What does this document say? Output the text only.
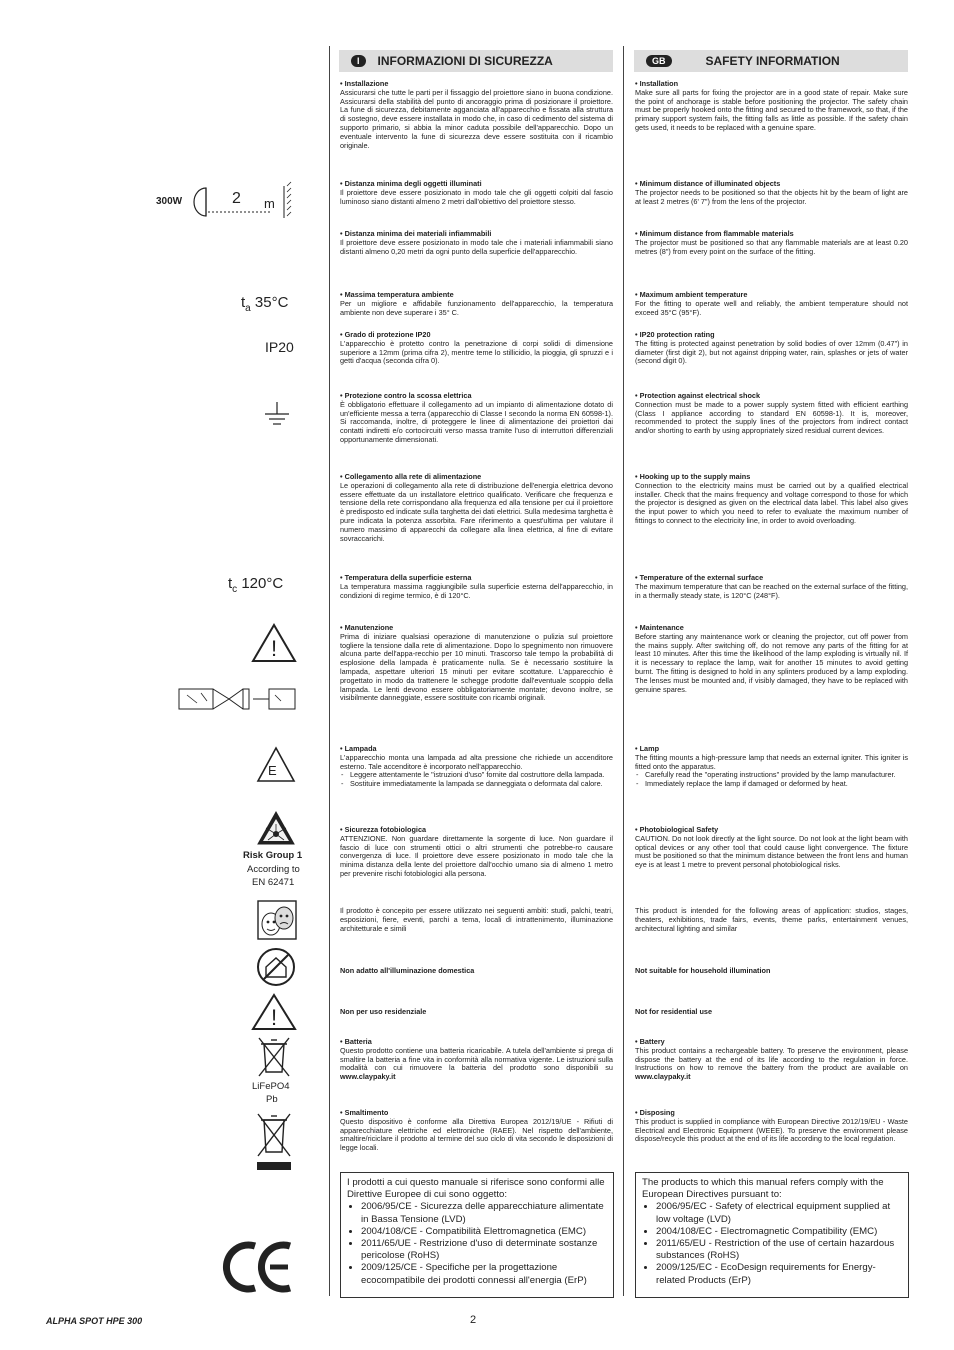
I	INFORMAZIONI DI SICUREZZA	GB	SAFETY INFORMATION
300W	2 m
$t_a$ 35°C
IP20
$t_c$ 120°C
!
E
Risk Group 1
According to
EN 62471
!
LiFePO4
Pb
• Installazione

Assicurarsi che tutte le parti per il fissaggio del proiettore siano in buona condizione. Assicurarsi della stabilità del punto di ancoraggio prima di posizionare il proiettore. La fune di sicurezza, debitamente agganciata all'apparecchio e fissata alla struttura di sostegno, deve essere installata in modo che, in caso di cedimento del sistema di supporto primario, si abbia la minor caduta possibile dell'apparecchio. Dopo un eventuale intervento la fune di sicurezza deve essere sostituita con il ricambio originale.

• Distanza minima degli oggetti illuminati

Il proiettore deve essere posizionato in modo tale che gli oggetti colpiti dal fascio luminoso siano distanti almeno 2 metri dall'obiettivo del proiettore stesso.

• Distanza minima dei materiali infiammabili

Il proiettore deve essere posizionato in modo tale che i materiali infiammabili siano distanti almeno 0,20 metri da ogni punto della superficie dell'apparecchio.

• Massima temperatura ambiente

Per un migliore e affidabile funzionamento dell'apparecchio, la temperatura ambiente non deve superare i 35° C.

• Grado di protezione IP20

L'apparecchio è protetto contro la penetrazione di corpi solidi di dimensione superiore a 12mm (prima cifra 2), mentre teme lo stillicidio, la pioggia, gli spruzzi e i getti d'acqua (seconda cifra 0).

• Protezione contro la scossa elettrica

È obbligatorio effettuare il collegamento ad un impianto di alimentazione dotato di un'efficiente messa a terra (apparecchio di Classe I secondo la norma EN 60598-1). Si raccomanda, inoltre, di proteggere le linee di alimentazione dei proiettori dai contatti indiretti e/o cortocircuiti verso massa tramite l'uso di interruttori differenziali opportunamente dimensionati.

• Collegamento alla rete di alimentazione

Le operazioni di collegamento alla rete di distribuzione dell'energia elettrica devono essere effettuate da un installatore elettrico qualificato. Verificare che frequenza e tensione della rete corrispondano alla frequenza ed alla tensione per cui il proiettore è predisposto ed indicate sulla targhetta dei dati elettrici. Sulla medesima targhetta è pure indicata la potenza assorbita. Fare riferimento a quest'ultima per valutare il numero massimo di apparecchi da collegare alla linea elettrica, al fine di evitare sovraccarichi.

• Temperatura della superficie esterna

La temperatura massima raggiungibile sulla superficie esterna dell'apparecchio, in condizioni di regime termico, è di 120°C.

• Manutenzione

Prima di iniziare qualsiasi operazione di manutenzione o pulizia sul proiettore togliere la tensione dalla rete di alimentazione. Dopo lo spegnimento non rimuovere alcuna parte dell'appa-recchio per 10 minuti. Trascorso tale tempo la probabilità di esplosione della lampada è praticamente nulla. Se è necessario sostituire la lampada, aspettare ulteriori 15 minuti per evitare scottature. L'apparecchio è progettato in modo da trattenere le schegge prodotte dall'eventuale scoppio della lampada. Le lenti devono essere obbligatoriamente montate; devono inoltre, se visibilmente danneggiate, essere sostituite con ricambi originali.

• Lampada

L'apparecchio monta una lampada ad alta pressione che richiede un accenditore esterno. Tale accenditore è incorporato nell'apparecchio.

- Leggere attentamente le "istruzioni d'uso" fornite dal costruttore della lampada.
- Sostituire immediatamente la lampada se danneggiata o deformata dal calore.
• Sicurezza fotobiologica

ATTENZIONE. Non guardare direttamente la sorgente di luce. Non guardare il fascio di luce con strumenti ottici o altri strumenti che potrebbe-ro causare convergenza di luce. Il proiettore deve essere posizionato in modo tale che la minima distanza della lente del proiettore dall'occhio umano sia di almeno 1 metro per prevenire rischi fotobiologici alla persona.

Il prodotto è concepito per essere utilizzato nei seguenti ambiti: studi, palchi, teatri, esposizioni, fiere, eventi, parchi a tema, locali di intrattenimento, illuminazione architetturale e simili

Non adatto all'illuminazione domestica
Non per uso residenziale
• Batteria

Questo prodotto contiene una batteria ricaricabile. A tutela dell'ambiente si prega di smaltire la batteria a fine vita in conformità alla normativa vigente. Le istruzioni sulla modalità con cui rimuovere la batteria del prodotto sono disponibili su www.claypaky.it

• Smaltimento

Questo dispositivo è conforme alla Direttiva Europea 2012/19/UE - Rifiuti di apparecchiature elettriche ed elettroniche (RAEE). Nel rispetto dell'ambiente, smaltire/riciclare il prodotto al termine del suo ciclo di vita secondo le disposizioni di legge locali.

I prodotti a cui questo manuale si riferisce sono conformi alle Direttive Europee di cui sono oggetto:
• 2006/95/CE - Sicurezza delle apparecchiature alimentate in Bassa Tensione (LVD)
• 2004/108/CE - Compatibilità Elettromagnetica (EMC)
• 2011/65/UE - Restrizione d'uso di determinate sostanze pericolose (RoHS)
• 2009/125/CE - Specifiche per la progettazione ecocompatibile dei prodotti connessi all'energia (ErP)
• Installation

Make sure all parts for fixing the projector are in a good state of repair. Make sure the point of anchorage is stable before positioning the projector. The safety chain must be properly hooked onto the fitting and secured to the framework, so that, if the primary support system fails, the fitting falls as little as possible. If the safety chain gets used, it needs to be replaced with a genuine spare.

• Minimum distance of illuminated objects

The projector needs to be positioned so that the objects hit by the beam of light are at least 2 metres (6' 7") from the lens of the projector.

• Minimum distance from flammable materials

The projector must be positioned so that any flammable materials are at least 0.20 metres (8") from every point on the surface of the fitting.

• Maximum ambient temperature

For the fitting to operate well and reliably, the ambient temperature should not exceed 35°C (95°F).

• IP20 protection rating

The fitting is protected against penetration by solid bodies of over 12mm (0.47") in diameter (first digit 2), but not against dripping water, rain, splashes or jets of water (second digit 0).

• Protection against electrical shock

Connection must be made to a power supply system fitted with efficient earthing (Class I appliance according to standard EN 60598-1). It is, moreover, recommended to protect the supply lines of the projectors from indirect contact and/or shorting to earth by using appropriately sized residual current devices.

• Hooking up to the supply mains

Connection to the electricity mains must be carried out by a qualified electrical installer. Check that the mains frequency and voltage correspond to those for which the projector is designed as given on the electrical data label. This label also gives the input power to which you need to refer to evaluate the maximum number of fittings to connect to the electricity line, in order to avoid overloading.

• Temperature of the external surface

The maximum temperature that can be reached on the external surface of the fitting, in a thermally steady state, is 120°C (248°F).

• Maintenance

Before starting any maintenance work or cleaning the projector, cut off power from the mains supply. After switching off, do not remove any parts of the fitting for at least 10 minutes. After this time the likelihood of the lamp exploding is virtually nil. If it is necessary to replace the lamp, wait for another 15 minutes to avoid getting burnt. The fitting is designed to hold in any splinters produced by a lamp exploding. The lenses must be mounted and, if visibly damaged, they have to be replaced with genuine spares.

• Lamp

The fitting mounts a high-pressure lamp that needs an external igniter. This igniter is fitted onto the apparatus.

- Carefully read the "operating instructions" provided by the lamp manufacturer.
- Immediately replace the lamp if damaged or deformed by heat.
• Photobiological Safety

CAUTION. Do not look directly at the light source. Do not look at the light beam with optical devices or any other tool that could cause light convergence. The fixture must be positioned so that the minimum distance between the front lens and human eye is at least 1 metre to prevent personal photobiological risks.

This product is intended for the following areas of application: studios, stages, theaters, exhibitions, trade fairs, events, theme parks, entertainment venues, architectural lighting and similar

Not suitable for household illumination
Not for residential use
• Battery

This product contains a rechargeable battery. To preserve the environment, please dispose the battery at the end of its life according to the regulation in force. Instructions on how to remove the battery from the product are available on www.claypaky.it

• Disposing

This product is supplied in compliance with European Directive 2012/19/EU - Waste Electrical and Electronic Equipment (WEEE). To preserve the environment please dispose/recycle this product at the end of its life according to the local regulation.

The products to which this manual refers comply with the European Directives pursuant to:
• 2006/95/EC - Safety of electrical equipment supplied at low voltage (LVD)
• 2004/108/EC - Electromagnetic Compatibility (EMC)
• 2011/65/EU - Restriction of the use of certain hazardous substances (RoHS)
• 2009/125/EC - EcoDesign requirements for Energy-related Products (ErP)
ALPHA SPOT HPE 300	2
